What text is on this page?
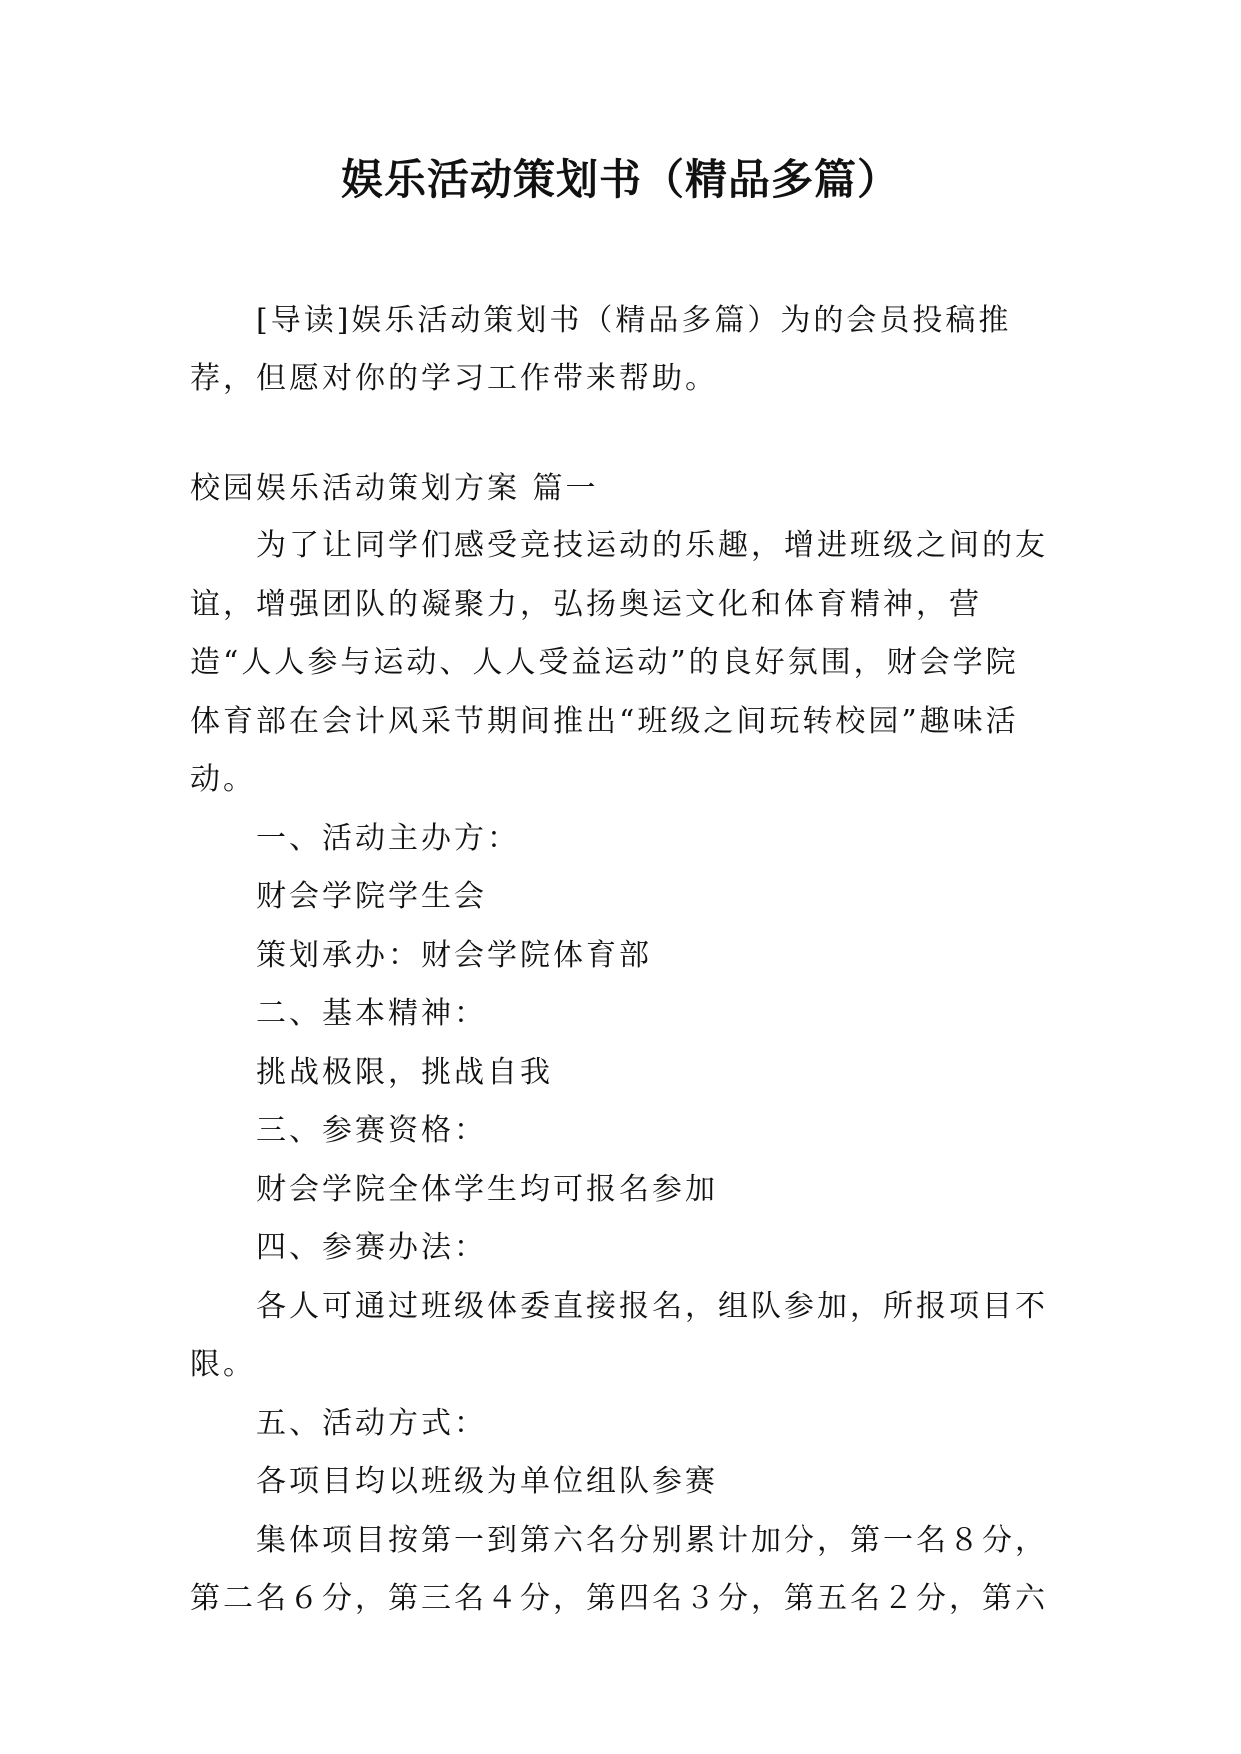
娱乐活动策划书（精品多篇）

[导读]娱乐活动策划书（精品多篇）为的会员投稿推荐，但愿对你的学习工作带来帮助。

校园娱乐活动策划方案 篇一

为了让同学们感受竞技运动的乐趣，增进班级之间的友谊，增强团队的凝聚力，弘扬奥运文化和体育精神，营造“人人参与运动、人人受益运动”的良好氛围，财会学院体育部在会计风采节期间推出“班级之间玩转校园”趣味活动。

一、活动主办方：

财会学院学生会

策划承办：财会学院体育部

二、基本精神：

挑战极限，挑战自我

三、参赛资格：

财会学院全体学生均可报名参加

四、参赛办法：

各人可通过班级体委直接报名，组队参加，所报项目不限。

五、活动方式：

各项目均以班级为单位组队参赛

集体项目按第一到第六名分别累计加分，第一名８分，第二名６分，第三名４分，第四名３分，第五名２分，第六
